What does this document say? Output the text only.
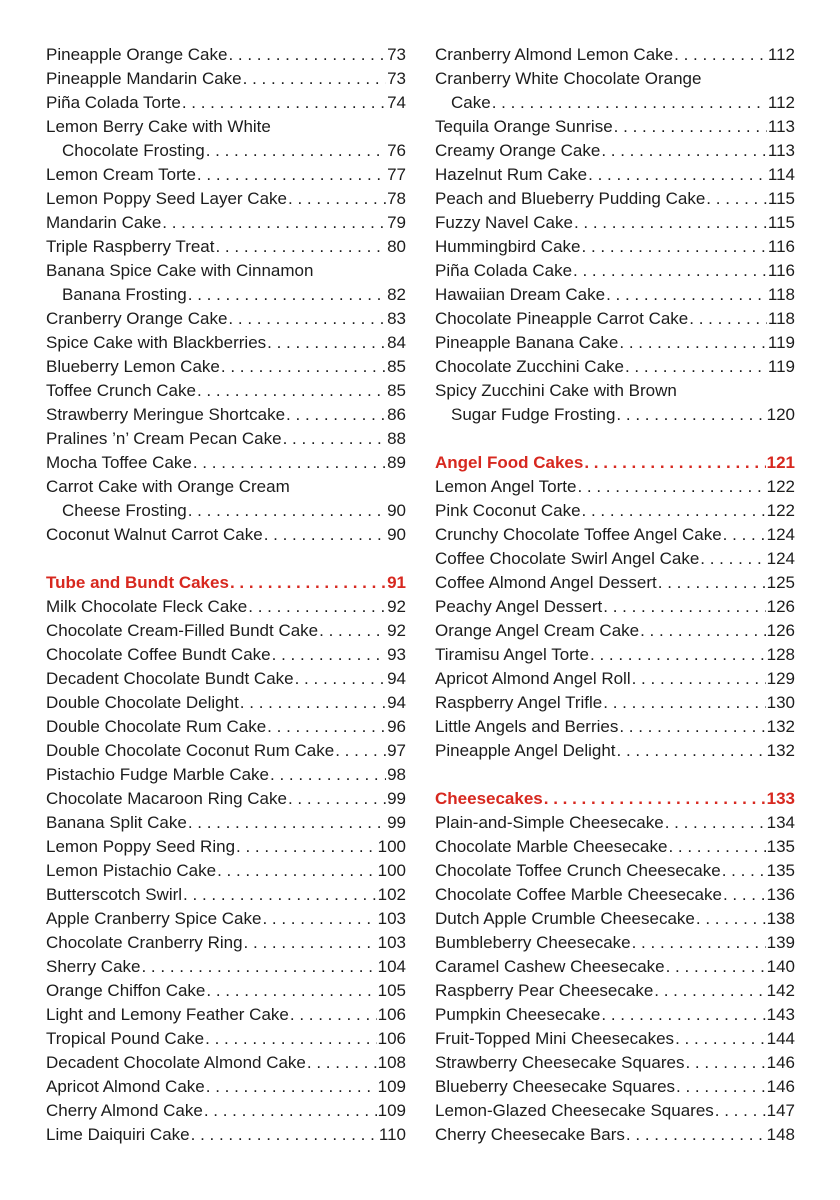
Pineapple Orange Cake . . .	73
Pineapple Mandarin Cake . . .	73
Piña Colada Torte . . .	74
Lemon Berry Cake with White
Chocolate Frosting . . .	76
Lemon Cream Torte . . .	77
Lemon Poppy Seed Layer Cake . . .	78
Mandarin Cake . . .	79
Triple Raspberry Treat . . .	80
Banana Spice Cake with Cinnamon
Banana Frosting . . .	82
Cranberry Orange Cake . . .	83
Spice Cake with Blackberries . . .	84
Blueberry Lemon Cake . . .	85
Toffee Crunch Cake . . .	85
Strawberry Meringue Shortcake . . .	86
Pralines ’n’ Cream Pecan Cake . . .	88
Mocha Toffee Cake . . .	89
Carrot Cake with Orange Cream
Cheese Frosting . . .	90
Coconut Walnut Carrot Cake . . .	90
Tube and Bundt Cakes . . .	91
Milk Chocolate Fleck Cake . . .	92
Chocolate Cream-Filled Bundt Cake . . .	92
Chocolate Coffee Bundt Cake . . .	93
Decadent Chocolate Bundt Cake . . .	94
Double Chocolate Delight . . .	94
Double Chocolate Rum Cake . . .	96
Double Chocolate Coconut Rum Cake . . .	97
Pistachio Fudge Marble Cake . . .	98
Chocolate Macaroon Ring Cake . . .	99
Banana Split Cake . . .	99
Lemon Poppy Seed Ring . . .	100
Lemon Pistachio Cake . . .	100
Butterscotch Swirl . . .	102
Apple Cranberry Spice Cake . . .	103
Chocolate Cranberry Ring . . .	103
Sherry Cake . . .	104
Orange Chiffon Cake . . .	105
Light and Lemony Feather Cake . . .	106
Tropical Pound Cake . . .	106
Decadent Chocolate Almond Cake . . .	108
Apricot Almond Cake . . .	109
Cherry Almond Cake . . .	109
Lime Daiquiri Cake . . .	110
Cranberry Almond Lemon Cake . . .	112
Cranberry White Chocolate Orange
Cake . . .	112
Tequila Orange Sunrise . . .	113
Creamy Orange Cake . . .	113
Hazelnut Rum Cake . . .	114
Peach and Blueberry Pudding Cake . . .	115
Fuzzy Navel Cake . . .	115
Hummingbird Cake . . .	116
Piña Colada Cake . . .	116
Hawaiian Dream Cake . . .	118
Chocolate Pineapple Carrot Cake . . .	118
Pineapple Banana Cake . . .	119
Chocolate Zucchini Cake . . .	119
Spicy Zucchini Cake with Brown
Sugar Fudge Frosting . . .	120
Angel Food Cakes . . .	121
Lemon Angel Torte . . .	122
Pink Coconut Cake . . .	122
Crunchy Chocolate Toffee Angel Cake . . .	124
Coffee Chocolate Swirl Angel Cake . . .	124
Coffee Almond Angel Dessert . . .	125
Peachy Angel Dessert . . .	126
Orange Angel Cream Cake . . .	126
Tiramisu Angel Torte . . .	128
Apricot Almond Angel Roll . . .	129
Raspberry Angel Trifle . . .	130
Little Angels and Berries . . .	132
Pineapple Angel Delight . . .	132
Cheesecakes . . .	133
Plain-and-Simple Cheesecake . . .	134
Chocolate Marble Cheesecake . . .	135
Chocolate Toffee Crunch Cheesecake . . .	135
Chocolate Coffee Marble Cheesecake . . .	136
Dutch Apple Crumble Cheesecake . . .	138
Bumbleberry Cheesecake . . .	139
Caramel Cashew Cheesecake . . .	140
Raspberry Pear Cheesecake . . .	142
Pumpkin Cheesecake . . .	143
Fruit-Topped Mini Cheesecakes . . .	144
Strawberry Cheesecake Squares . . .	146
Blueberry Cheesecake Squares . . .	146
Lemon-Glazed Cheesecake Squares . . .	147
Cherry Cheesecake Bars . . .	148
